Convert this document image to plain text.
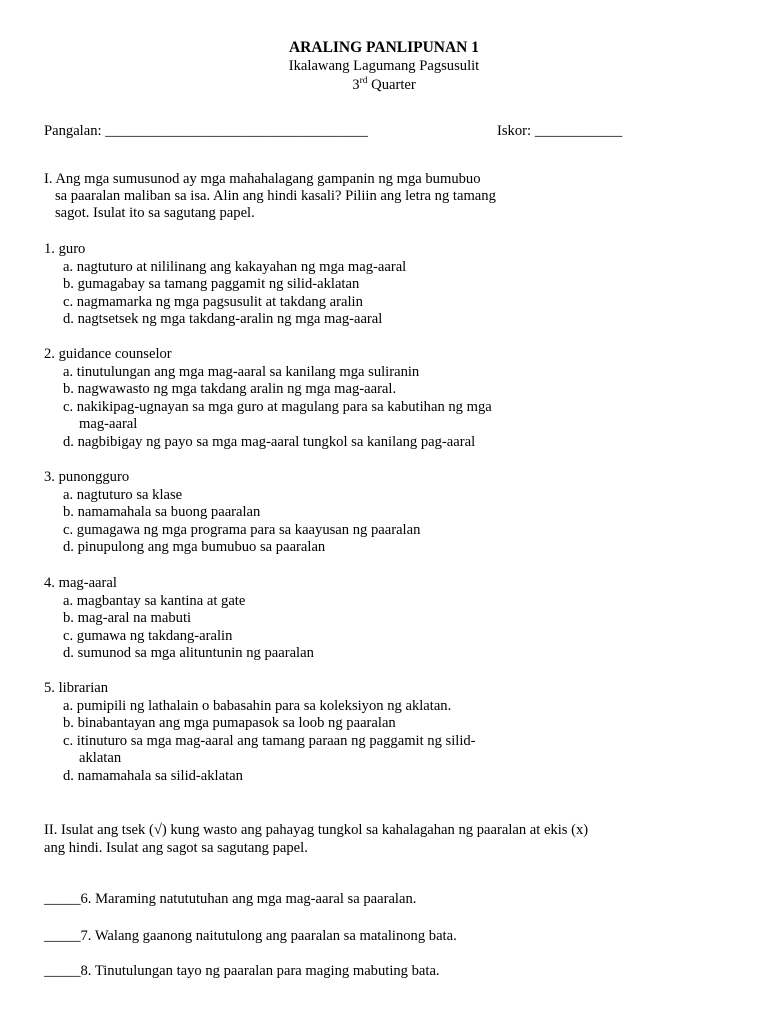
ARALING PANLIPUNAN 1
Ikalawang Lagumang Pagsusulit
3rd Quarter
Pangalan: ____________________________________	Iskor: ____________
I. Ang mga sumusunod ay mga mahahalagang gampanin ng mga bumubuo
sa paaralan maliban sa isa. Alin ang hindi kasali? Piliin ang letra ng tamang
sagot. Isulat ito sa sagutang papel.
1. guro
a. nagtuturo at nililinang ang kakayahan ng mga mag-aaral
b. gumagabay sa tamang paggamit ng silid-aklatan
c. nagmamarka ng mga pagsusulit at takdang aralin
d. nagtsetsek ng mga takdang-aralin ng mga mag-aaral
2. guidance counselor
a. tinutulungan ang mga mag-aaral sa kanilang mga suliranin
b. nagwawasto ng mga takdang aralin ng mga mag-aaral.
c. nakikipag-ugnayan sa mga guro at magulang para sa kabutihan ng mga
mag-aaral
d. nagbibigay ng payo sa mga mag-aaral tungkol sa kanilang pag-aaral
3. punongguro
a. nagtuturo sa klase
b. namamahala sa buong paaralan
c. gumagawa ng mga programa para sa kaayusan ng paaralan
d. pinupulong ang mga bumubuo sa paaralan
4. mag-aaral
a. magbantay sa kantina at gate
b. mag-aral na mabuti
c. gumawa ng takdang-aralin
d. sumunod sa mga alituntunin ng paaralan
5. librarian
a. pumipili ng lathalain o babasahin para sa koleksiyon ng aklatan.
b. binabantayan ang mga pumapasok sa loob ng paaralan
c. itinuturo sa mga mag-aaral ang tamang paraan ng paggamit ng silid-
aklatan
d. namamahala sa silid-aklatan
II. Isulat ang tsek (√) kung wasto ang pahayag tungkol sa kahalagahan ng paaralan at ekis (x)
ang hindi. Isulat ang sagot sa sagutang papel.
_____6. Maraming natututuhan ang mga mag-aaral sa paaralan.
_____7. Walang gaanong naitutulong ang paaralan sa matalinong bata.
_____8. Tinutulungan tayo ng paaralan para maging mabuting bata.
